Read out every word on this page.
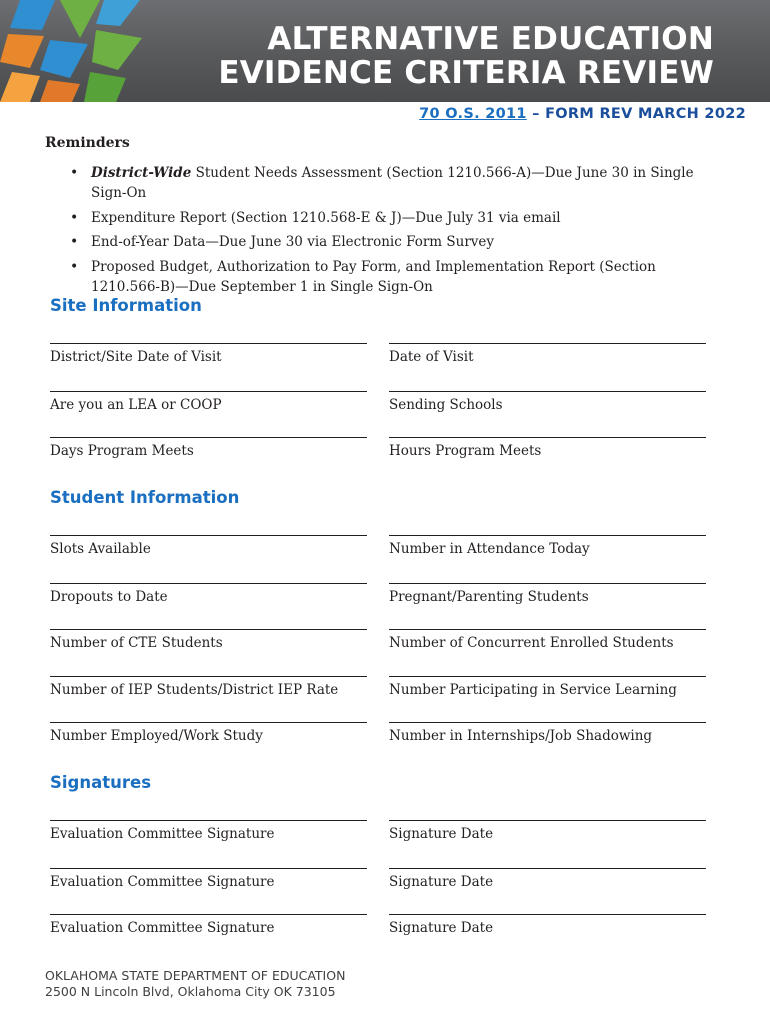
ALTERNATIVE EDUCATION
EVIDENCE CRITERIA REVIEW
70 O.S. 2011 – FORM REV MARCH 2022
Reminders
• District-Wide Student Needs Assessment (Section 1210.566-A)—Due June 30 in Single Sign-On
• Expenditure Report (Section 1210.568-E & J)—Due July 31 via email
• End-of-Year Data—Due June 30 via Electronic Form Survey
• Proposed Budget, Authorization to Pay Form, and Implementation Report (Section 1210.566-B)—Due September 1 in Single Sign-On
Site Information
District/Site Date of Visit	Date of Visit
Are you an LEA or COOP	Sending Schools
Days Program Meets	Hours Program Meets
Student Information
Slots Available	Number in Attendance Today
Dropouts to Date	Pregnant/Parenting Students
Number of CTE Students	Number of Concurrent Enrolled Students
Number of IEP Students/District IEP Rate	Number Participating in Service Learning
Number Employed/Work Study	Number in Internships/Job Shadowing
Signatures
Evaluation Committee Signature	Signature Date
Evaluation Committee Signature	Signature Date
Evaluation Committee Signature	Signature Date
OKLAHOMA STATE DEPARTMENT OF EDUCATION
2500 N Lincoln Blvd, Oklahoma City OK 73105
